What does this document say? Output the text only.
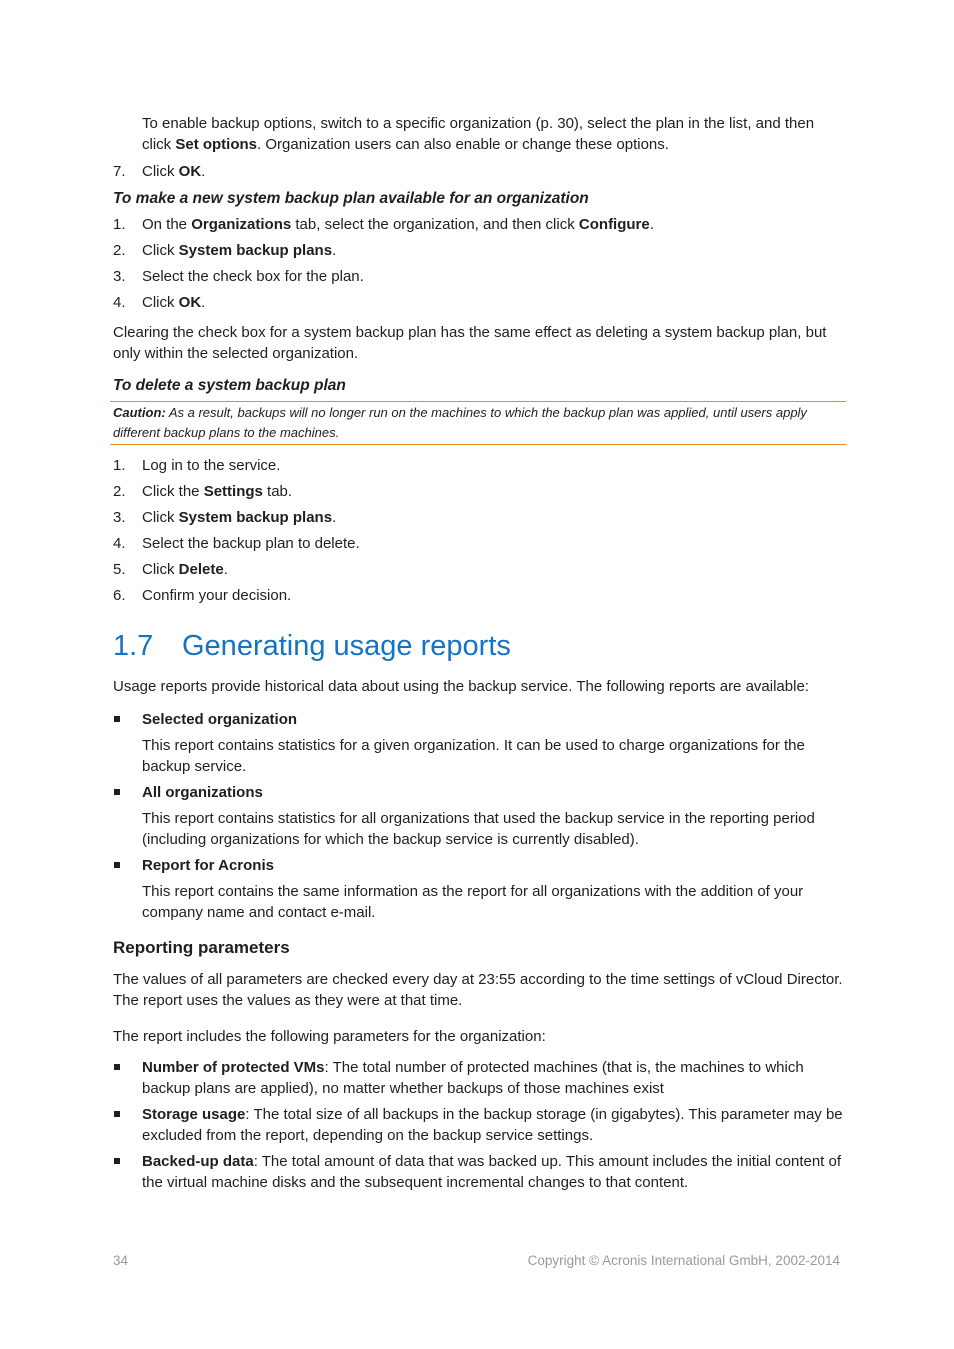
To enable backup options, switch to a specific organization (p. 30), select the plan in the list, and then click Set options. Organization users can also enable or change these options.

7. Click OK.

To make a new system backup plan available for an organization

1. On the Organizations tab, select the organization, and then click Configure.
2. Click System backup plans.
3. Select the check box for the plan.
4. Click OK.

Clearing the check box for a system backup plan has the same effect as deleting a system backup plan, but only within the selected organization.

To delete a system backup plan

Caution: As a result, backups will no longer run on the machines to which the backup plan was applied, until users apply different backup plans to the machines.
1. Log in to the service.
2. Click the Settings tab.
3. Click System backup plans.
4. Select the backup plan to delete.
5. Click Delete.
6. Confirm your decision.
1.7 Generating usage reports

Usage reports provide historical data about using the backup service. The following reports are available:

Selected organization

This report contains statistics for a given organization. It can be used to charge organizations for the backup service.

All organizations

This report contains statistics for all organizations that used the backup service in the reporting period (including organizations for which the backup service is currently disabled).

Report for Acronis

This report contains the same information as the report for all organizations with the addition of your company name and contact e-mail.

Reporting parameters

The values of all parameters are checked every day at 23:55 according to the time settings of vCloud Director. The report uses the values as they were at that time.

The report includes the following parameters for the organization:

Number of protected VMs: The total number of protected machines (that is, the machines to which backup plans are applied), no matter whether backups of those machines exist
Storage usage: The total size of all backups in the backup storage (in gigabytes). This parameter may be excluded from the report, depending on the backup service settings.
Backed-up data: The total amount of data that was backed up. This amount includes the initial content of the virtual machine disks and the subsequent incremental changes to that content.
34	Copyright © Acronis International GmbH, 2002-2014
